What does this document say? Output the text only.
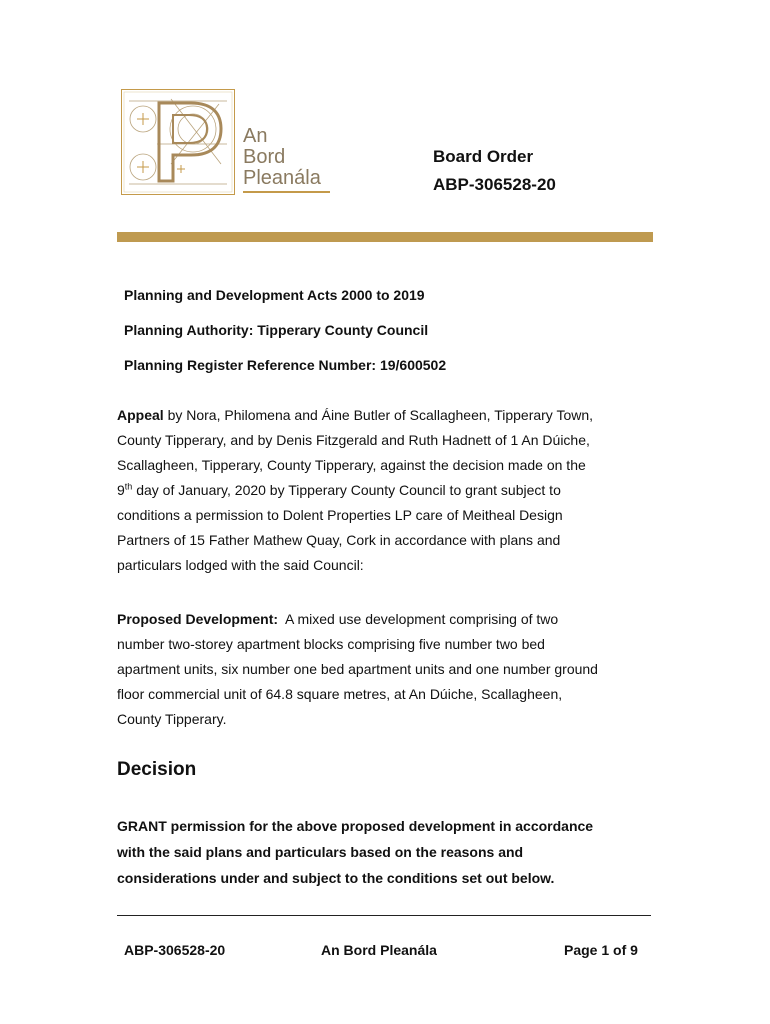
An
Bord
Pleanála
Board Order
ABP-306528-20
Planning and Development Acts 2000 to 2019
Planning Authority: Tipperary County Council
Planning Register Reference Number: 19/600502
Appeal by Nora, Philomena and Áine Butler of Scallagheen, Tipperary Town,
County Tipperary, and by Denis Fitzgerald and Ruth Hadnett of 1 An Dúiche,
Scallagheen, Tipperary, County Tipperary, against the decision made on the
9th day of January, 2020 by Tipperary County Council to grant subject to
conditions a permission to Dolent Properties LP care of Meitheal Design
Partners of 15 Father Mathew Quay, Cork in accordance with plans and
particulars lodged with the said Council:
Proposed Development:  A mixed use development comprising of two
number two-storey apartment blocks comprising five number two bed
apartment units, six number one bed apartment units and one number ground
floor commercial unit of 64.8 square metres, at An Dúiche, Scallagheen,
County Tipperary.
Decision
GRANT permission for the above proposed development in accordance
with the said plans and particulars based on the reasons and
considerations under and subject to the conditions set out below.
ABP-306528-20	An Bord Pleanála	Page 1 of 9
